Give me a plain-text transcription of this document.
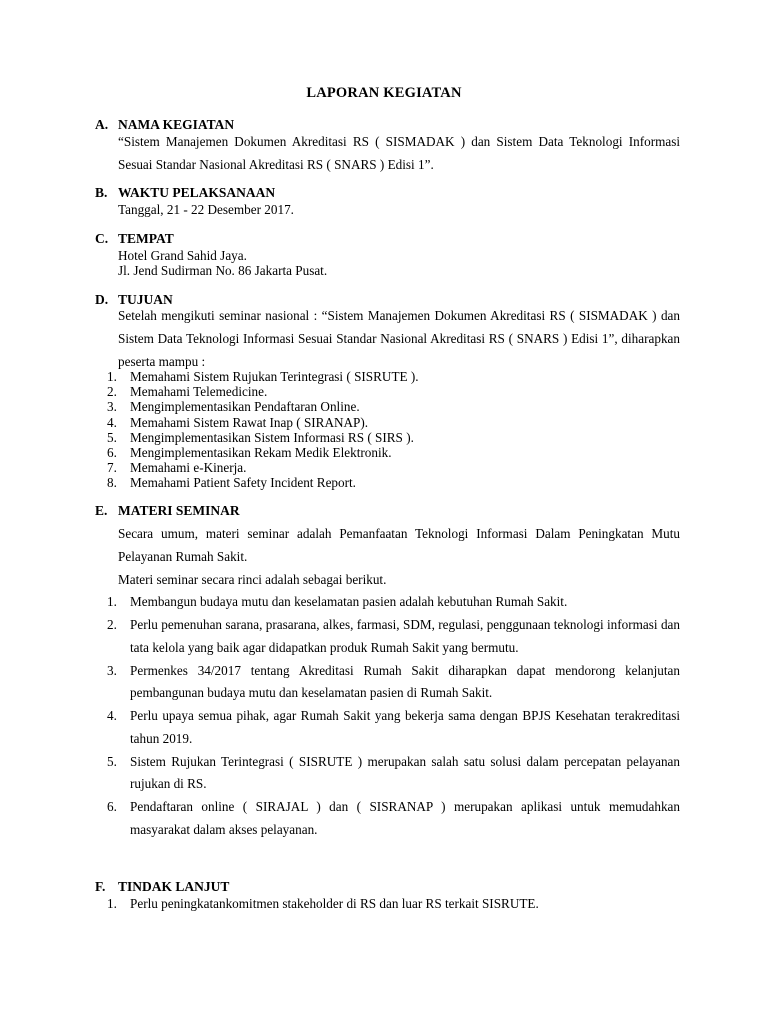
LAPORAN KEGIATAN
A. NAMA KEGIATAN

“Sistem Manajemen Dokumen Akreditasi RS ( SISMADAK ) dan Sistem Data Teknologi Informasi Sesuai Standar Nasional Akreditasi RS ( SNARS ) Edisi 1”.

B. WAKTU PELAKSANAAN

Tanggal, 21 - 22 Desember 2017.

C. TEMPAT

Hotel Grand Sahid Jaya.

Jl. Jend Sudirman No. 86 Jakarta Pusat.

D. TUJUAN

Setelah mengikuti seminar nasional : “Sistem Manajemen Dokumen Akreditasi RS ( SISMADAK ) dan Sistem Data Teknologi Informasi Sesuai Standar Nasional Akreditasi RS ( SNARS ) Edisi 1”, diharapkan peserta mampu :

1. Memahami Sistem Rujukan Terintegrasi ( SISRUTE ).
2. Memahami Telemedicine.
3. Mengimplementasikan Pendaftaran Online.
4. Memahami Sistem Rawat Inap ( SIRANAP).
5. Mengimplementasikan Sistem Informasi RS ( SIRS ).
6. Mengimplementasikan Rekam Medik Elektronik.
7. Memahami e-Kinerja.
8. Memahami Patient Safety Incident Report.
E. MATERI SEMINAR

Secara umum, materi seminar adalah Pemanfaatan Teknologi Informasi Dalam Peningkatan Mutu Pelayanan Rumah Sakit.

Materi seminar secara rinci adalah sebagai berikut.

1. Membangun budaya mutu dan keselamatan pasien adalah kebutuhan Rumah Sakit.
2. Perlu pemenuhan sarana, prasarana, alkes, farmasi, SDM, regulasi, penggunaan teknologi informasi dan tata kelola yang baik agar didapatkan produk Rumah Sakit yang bermutu.
3. Permenkes 34/2017 tentang Akreditasi Rumah Sakit diharapkan dapat mendorong kelanjutan pembangunan budaya mutu dan keselamatan pasien di Rumah Sakit.
4. Perlu upaya semua pihak, agar Rumah Sakit yang bekerja sama dengan BPJS Kesehatan terakreditasi tahun 2019.
5. Sistem Rujukan Terintegrasi ( SISRUTE ) merupakan salah satu solusi dalam percepatan pelayanan rujukan di RS.
6. Pendaftaran online ( SIRAJAL ) dan ( SISRANAP ) merupakan aplikasi untuk memudahkan masyarakat dalam akses pelayanan.
F. TINDAK LANJUT
1. Perlu peningkatankomitmen stakeholder di RS dan luar RS terkait SISRUTE.
